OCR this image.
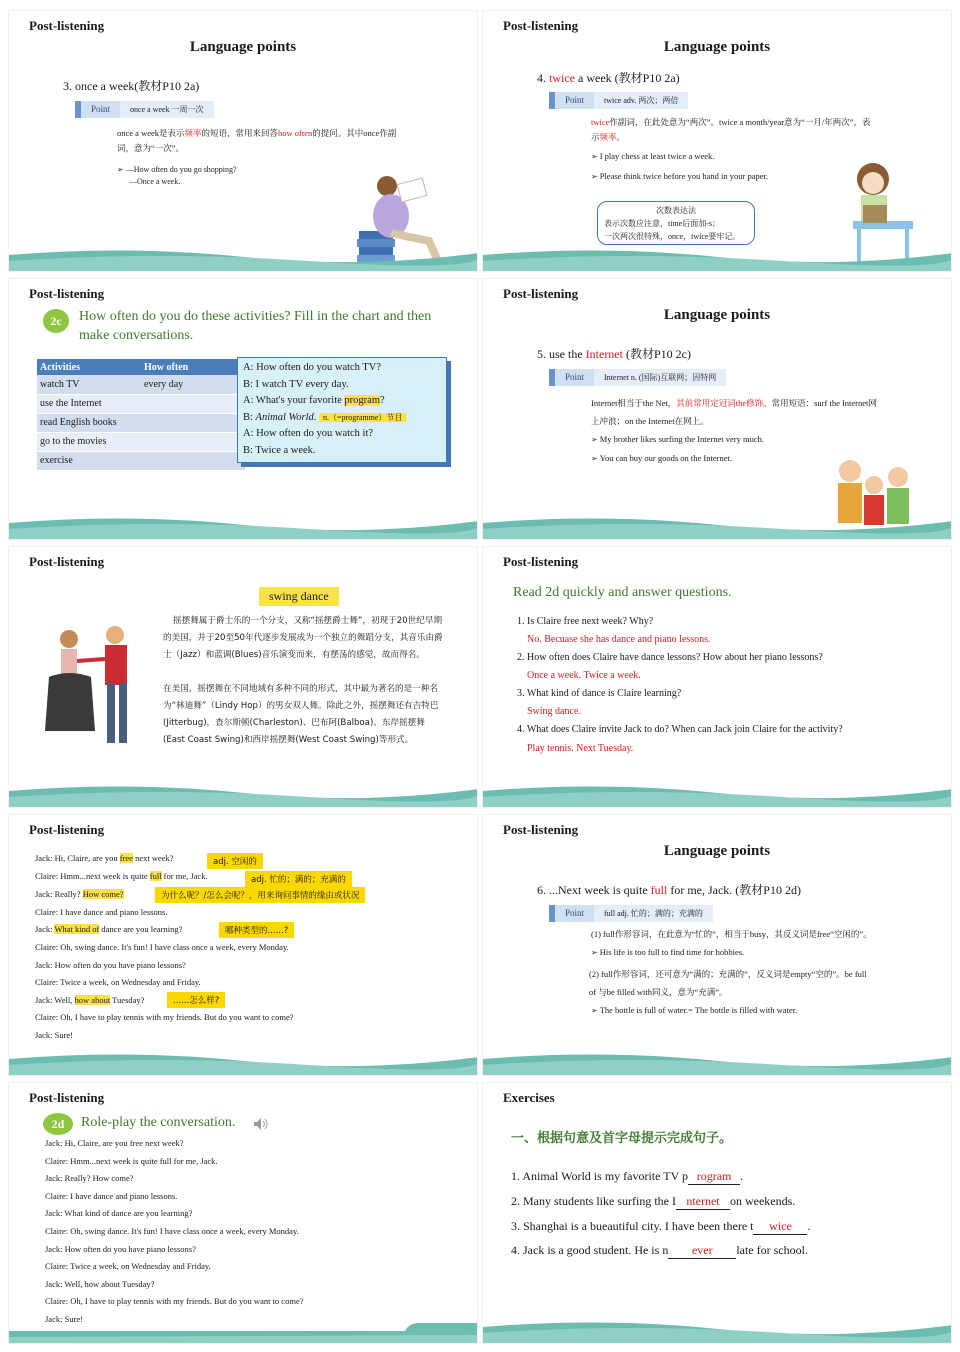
Post-listening
Language points
3. once a week(教材P10 2a)
Point	once a week 一周一次
once a week是表示频率的短语，常用来回答how often的提问。其中once作副
词，意为“一次”。
➢ —How often do you go shopping?
—Once a week.
Post-listening
Language points
4. twice a week (教材P10 2a)
Point	twice adv. 两次；两倍
twice作副词，在此处意为“两次”。twice a month/year意为“一月/年两次”，表
示频率。
➢ I play chess at least twice a week.
➢ Please think twice before you hand in your paper.
次数表达法
表示次数应注意，time后面加-s；
一次两次很特殊，once，twice要牢记。
Post-listening
2c	How often do you do these activities? Fill in the chart and then make conversations.
Activities	How often
watch TV	every day
use the Internet	
read English books	
go to the movies	
exercise	
A: How often do you watch TV?
B: I watch TV every day.
A: What's your favorite program?
B: Animal World. n.（=programme）节目
A: How often do you watch it?
B: Twice a week.
Post-listening
Language points
5. use the Internet (教材P10 2c)
Point	Internet n. (国际)互联网；因特网
Internet相当于the Net，其前常用定冠词the修饰。常用短语：surf the Internet网
上冲浪；on the Internet在网上。
➢ My brother likes surfing the Internet very much.
➢ You can buy our goods on the Internet.
Post-listening
swing dance
摇摆舞属于爵士乐的一个分支，又称“摇摆爵士舞”，初现于20世纪早期的美国，并于20至50年代逐步发展成为一个独立的舞蹈分支，其音乐由爵士（Jazz）和蓝调(Blues)音乐演变而来，有摆荡的感觉，故而得名。
在美国，摇摆舞在不同地域有多种不同的形式，其中最为著名的是一种名为“林迪舞”（Lindy Hop）的男女双人舞。除此之外，摇摆舞还有吉特巴(Jitterbug)，查尔斯顿(Charleston)、巴布阿(Balboa)、东岸摇摆舞(East Coast Swing)和西岸摇摆舞(West Coast Swing)等形式。
Post-listening
Read 2d quickly and answer questions.
1. Is Claire free next week? Why?
No. Becuase she has dance and piano lessons.
2. How often does Claire have dance lessons? How about her piano lessons?
Once a week. Twice a week.
3. What kind of dance is Claire learning?
Swing dance.
4. What does Claire invite Jack to do? When can Jack join Claire for the activity?
Play tennis. Next Tuesday.
Post-listening
Jack: Hi, Claire, are you free next week?	adj. 空闲的
Claire: Hmm...next week is quite full for me, Jack.	adj. 忙的；满的；充满的
Jack: Really? How come?	为什么呢？/怎么会呢？，用来询问事情的缘由或状况
Claire: I have dance and piano lessons.
Jack: What kind of dance are you learning?	哪种类型的......?
Claire: Oh, swing dance. It's fun! I have class once a week, every Monday.
Jack: How often do you have piano lessons?
Claire: Twice a week, on Wednesday and Friday.
Jack: Well, how about Tuesday?	......怎么样?
Claire: Oh, I have to play tennis with my friends. But do you want to come?
Jack: Sure!
Post-listening
Language points
6. ...Next week is quite full for me, Jack. (教材P10 2d)
Point	full adj. 忙的；满的；充满的
(1) full作形容词，在此意为“忙的”，相当于busy，其反义词是free“空闲的”。
➢ His life is too full to find time for hobbies.
(2) full作形容词，还可意为“满的；充满的”，反义词是empty“空的”。be full
of 与be filled with同义，意为“充满”。
➢ The bottle is full of water.= The bottle is filled with water.
Post-listening
2d	Role-play the conversation.
Jack: Hi, Claire, are you free next week?
Claire: Hmm...next week is quite full for me, Jack.
Jack: Really? How come?
Claire: I have dance and piano lessons.
Jack: What kind of dance are you learning?
Claire: Oh, swing dance. It's fun! I have class once a week, every Monday.
Jack: How often do you have piano lessons?
Claire: Twice a week, on Wednesday and Friday.
Jack: Well, how about Tuesday?
Claire: Oh, I have to play tennis with my friends. But do you want to come?
Jack: Sure!
Exercises
一、根据句意及首字母提示完成句子。
1. Animal World is my favorite TV p rogram .
2. Many students like surfing the I nternet on weekends.
3. Shanghai is a bueautiful city. I have been there t wice .
4. Jack is a good student. He is n ever late for school.
